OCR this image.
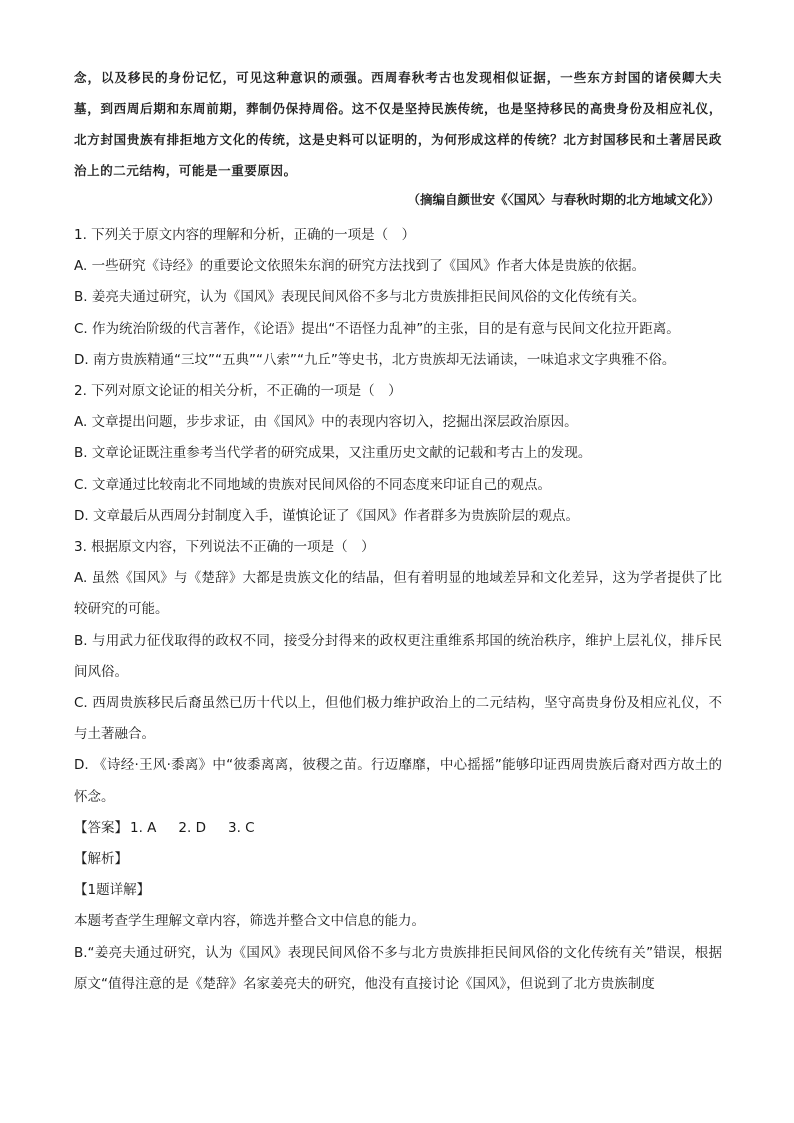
念，以及移民的身份记忆，可见这种意识的顽强。西周春秋考古也发现相似证据，一些东方封国的诸侯卿大夫墓，到西周后期和东周前期，葬制仍保持周俗。这不仅是坚持民族传统，也是坚持移民的高贵身份及相应礼仪，北方封国贵族有排拒地方文化的传统，这是史料可以证明的，为何形成这样的传统？北方封国移民和土著居民政治上的二元结构，可能是一重要原因。

（摘编自颜世安《〈国风〉与春秋时期的北方地域文化》）

1. 下列关于原文内容的理解和分析，正确的一项是（　）

A. 一些研究《诗经》的重要论文依照朱东润的研究方法找到了《国风》作者大体是贵族的依据。

B. 姜亮夫通过研究，认为《国风》表现民间风俗不多与北方贵族排拒民间风俗的文化传统有关。

C. 作为统治阶级的代言著作，《论语》提出“不语怪力乱神”的主张，目的是有意与民间文化拉开距离。

D. 南方贵族精通“三坟”“五典”“八索”“九丘”等史书，北方贵族却无法诵读，一味追求文字典雅不俗。

2. 下列对原文论证的相关分析，不正确的一项是（　）

A. 文章提出问题，步步求证，由《国风》中的表现内容切入，挖掘出深层政治原因。

B. 文章论证既注重参考当代学者的研究成果，又注重历史文献的记载和考古上的发现。

C. 文章通过比较南北不同地域的贵族对民间风俗的不同态度来印证自己的观点。

D. 文章最后从西周分封制度入手，谨慎论证了《国风》作者群多为贵族阶层的观点。

3. 根据原文内容，下列说法不正确的一项是（　）

A. 虽然《国风》与《楚辞》大都是贵族文化的结晶，但有着明显的地域差异和文化差异，这为学者提供了比较研究的可能。

B. 与用武力征伐取得的政权不同，接受分封得来的政权更注重维系邦国的统治秩序，维护上层礼仪，排斥民间风俗。

C. 西周贵族移民后裔虽然已历十代以上，但他们极力维护政治上的二元结构，坚守高贵身份及相应礼仪，不与土著融合。

D. 《诗经·王风·黍离》中“彼黍离离，彼稷之苗。行迈靡靡，中心摇摇”能够印证西周贵族后裔对西方故土的怀念。

【答案】 1. A 2. D 3. C

【解析】

【1题详解】

本题考查学生理解文章内容，筛选并整合文中信息的能力。

B.“姜亮夫通过研究，认为《国风》表现民间风俗不多与北方贵族排拒民间风俗的文化传统有关”错误，根据原文“值得注意的是《楚辞》名家姜亮夫的研究，他没有直接讨论《国风》，但说到了北方贵族制度
